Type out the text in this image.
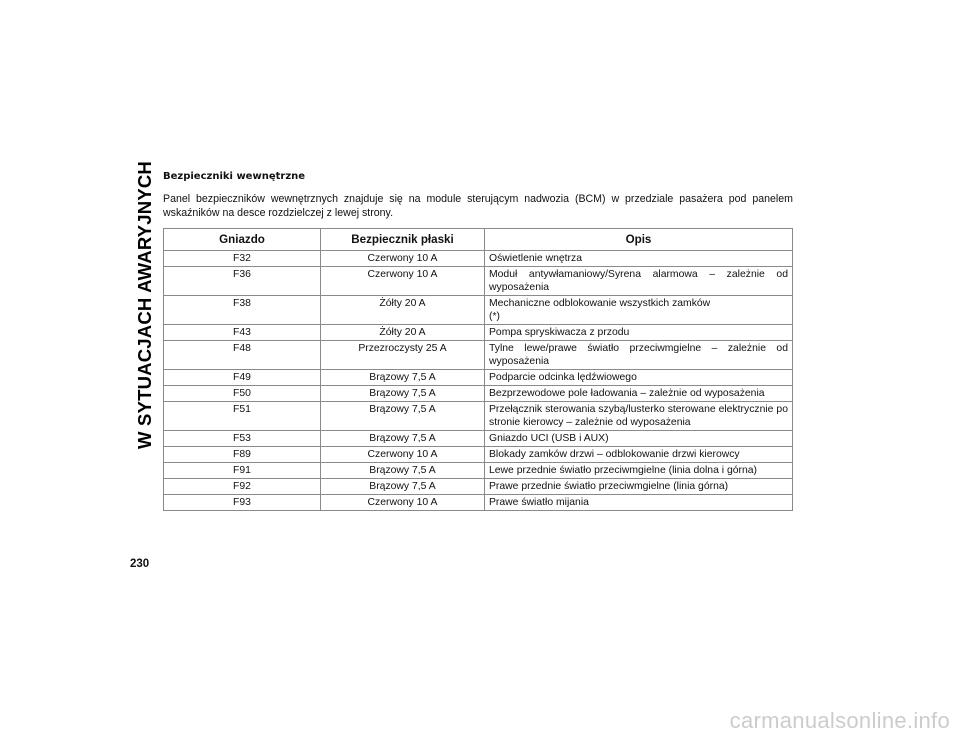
W SYTUACJACH AWARYJNYCH Bezpieczniki wewnętrzne
Panel bezpieczników wewnętrznych znajduje się na module sterującym nadwozia (BCM) w przedziale pasażera pod panelem wskaźników na desce rozdzielczej z lewej strony.
Gniazdo	Bezpiecznik płaski	Opis
F32	Czerwony 10 A	Oświetlenie wnętrza
F36	Czerwony 10 A	Moduł antywłamaniowy/Syrena alarmowa – zależnie od wyposażenia
F38	Żółty 20 A	Mechaniczne odblokowanie wszystkich zamków
(*)
F43	Żółty 20 A	Pompa spryskiwacza z przodu
F48	Przezroczysty 25 A	Tylne lewe/prawe światło przeciwmgielne – zależnie od wyposażenia
F49	Brązowy 7,5 A	Podparcie odcinka lędźwiowego
F50	Brązowy 7,5 A	Bezprzewodowe pole ładowania – zależnie od wyposażenia
F51	Brązowy 7,5 A	Przełącznik sterowania szybą/lusterko sterowane elektrycznie po stronie kierowcy – zależnie od wyposażenia
F53	Brązowy 7,5 A	Gniazdo UCI (USB i AUX)
F89	Czerwony 10 A	Blokady zamków drzwi – odblokowanie drzwi kierowcy
F91	Brązowy 7,5 A	Lewe przednie światło przeciwmgielne (linia dolna i górna)
F92	Brązowy 7,5 A	Prawe przednie światło przeciwmgielne (linia górna)
F93	Czerwony 10 A	Prawe światło mijania
230
carmanualsonline.info
